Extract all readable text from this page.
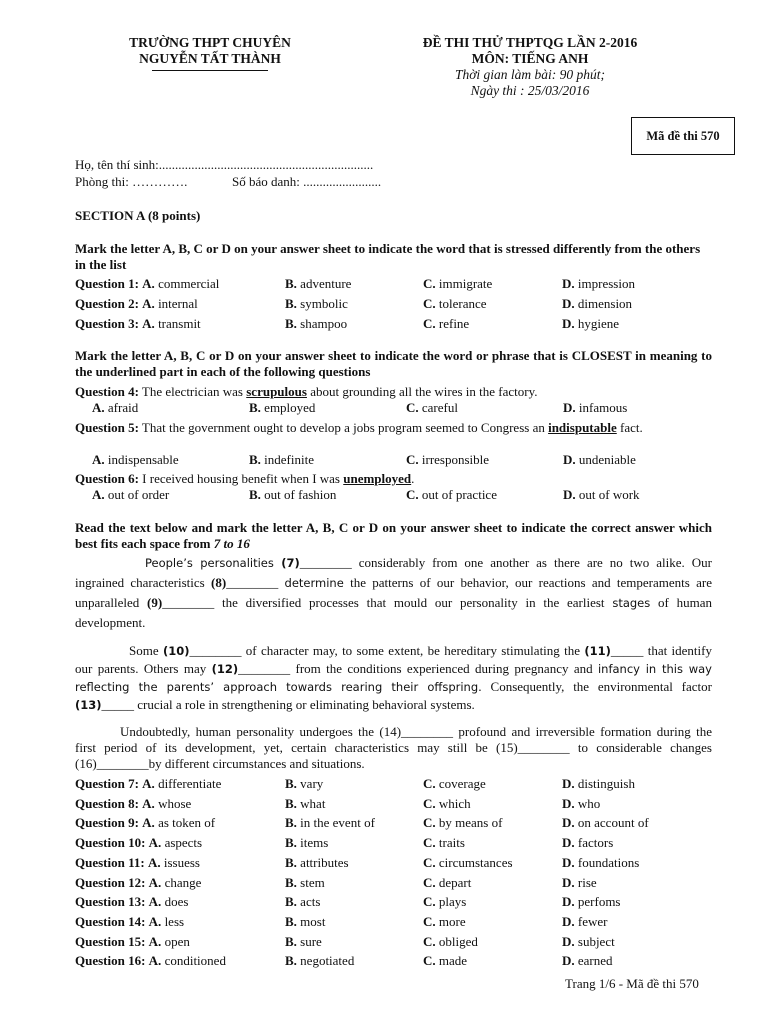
TRƯỜNG THPT CHUYÊN
NGUYỄN TẤT THÀNH
ĐỀ THI THỬ THPTQG LẦN 2-2016
MÔN: TIẾNG ANH
Thời gian làm bài: 90 phút;
Ngày thi : 25/03/2016
Mã đề thi 570
Họ, tên thí sinh:..................................................................
Phòng thi: ………….	Số báo danh: ........................
SECTION A (8 points)
Mark the letter A, B, C or D on your answer sheet to indicate the word that is stressed differently from the others in the list
Question 1: A. commercial	B. adventure	C. immigrate	D. impression
Question 2: A. internal	B. symbolic	C. tolerance	D. dimension
Question 3: A. transmit	B. shampoo	C. refine	D. hygiene
Mark the letter A, B, C or D on your answer sheet to indicate the word or phrase that is CLOSEST in meaning to the underlined part in each of the following questions
Question 4: The electrician was scrupulous about grounding all the wires in the factory.
A. afraid	B. employed	C. careful	D. infamous
Question 5: That the government ought to develop a jobs program seemed to Congress an indisputable fact.
A. indispensable	B. indefinite	C. irresponsible	D. undeniable
Question 6: I received housing benefit when I was unemployed.
A. out of order	B. out of fashion	C. out of practice	D. out of work
Read the text below and mark the letter A, B, C or D on your answer sheet to indicate the correct answer which best fits each space from 7 to 16
People’s personalities (7)________ considerably from one another as there are no two alike. Our ingrained characteristics (8)________ determine the patterns of our behavior, our reactions and temperaments are unparalleled (9)________ the diversified processes that mould our personality in the earliest stages of human development.
Some (10)________ of character may, to some extent, be hereditary stimulating the (11)_____ that identify our parents. Others may (12)________ from the conditions experienced during pregnancy and infancy in this way reflecting the parents’ approach towards rearing their offspring. Consequently, the environmental factor (13)_____ crucial a role in strengthening or eliminating behavioral systems.
Undoubtedly, human personality undergoes the (14)________ profound and irreversible formation during the first period of its development, yet, certain characteristics may still be (15)________ to considerable changes (16)________by different circumstances and situations.
Question 7: A. differentiate	B. vary	C. coverage	D. distinguish
Question 8: A. whose	B. what	C. which	D. who
Question 9: A. as token of	B. in the event of	C. by means of	D. on account of
Question 10: A. aspects	B. items	C. traits	D. factors
Question 11: A. issuess	B. attributes	C. circumstances	D. foundations
Question 12: A. change	B. stem	C. depart	D. rise
Question 13: A. does	B. acts	C. plays	D. perfoms
Question 14: A. less	B. most	C. more	D. fewer
Question 15: A. open	B. sure	C. obliged	D. subject
Question 16: A. conditioned	B. negotiated	C. made	D. earned
Trang 1/6 - Mã đề thi 570
